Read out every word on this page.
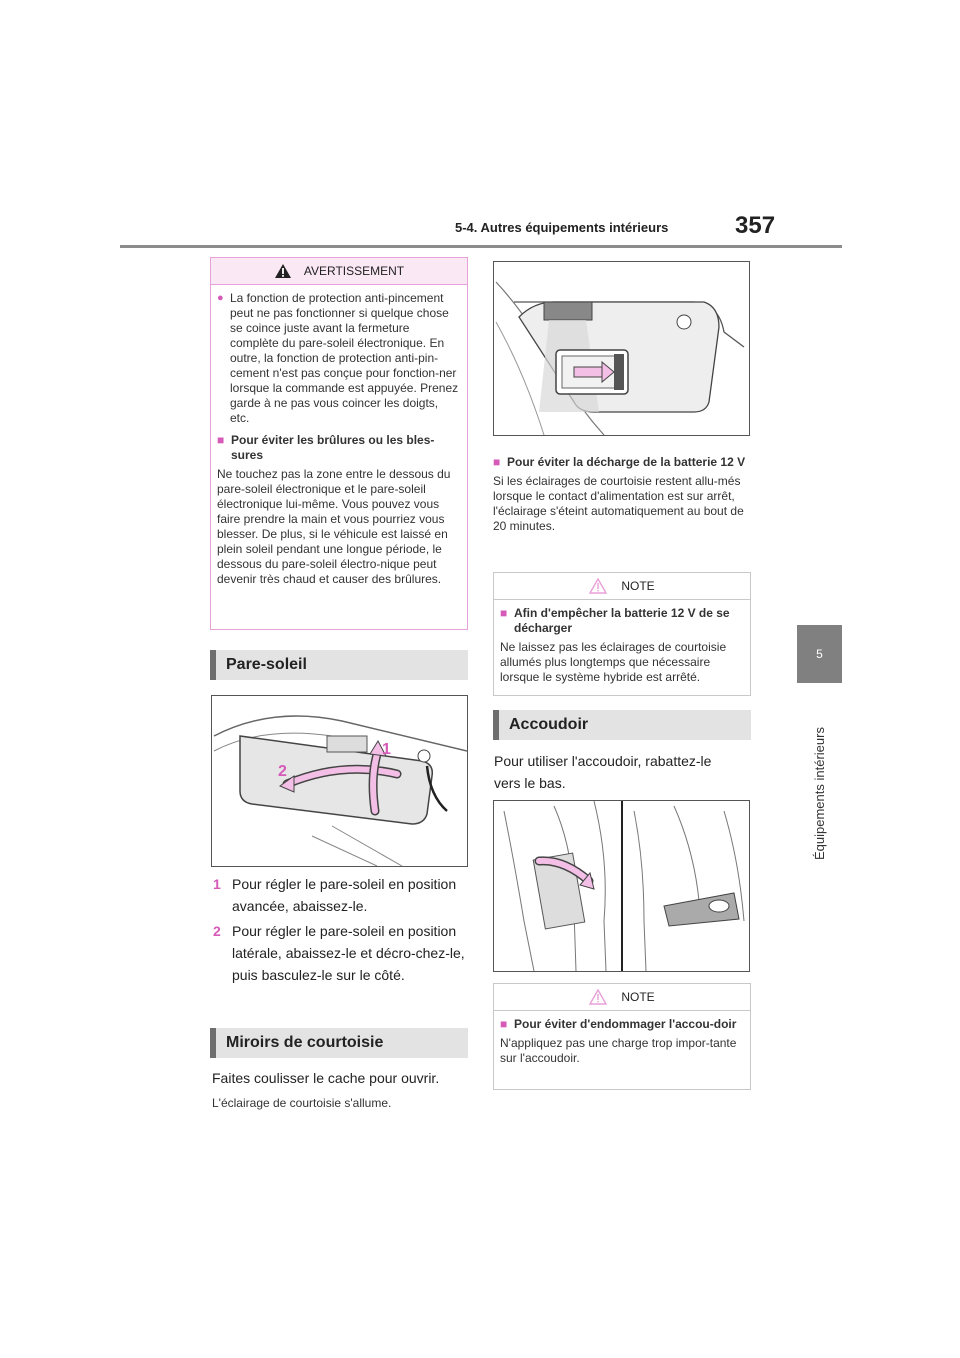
5-4. Autres équipements intérieurs	357
5
Équipements intérieurs
AVERTISSEMENT
● La fonction de protection anti-pincement peut ne pas fonctionner si quelque chose se coince juste avant la fermeture complète du pare-soleil électronique. En outre, la fonction de protection anti-pin-cement n'est pas conçue pour fonction-ner lorsque la commande est appuyée. Prenez garde à ne pas vous coincer les doigts, etc.

■ Pour éviter les brûlures ou les bles-sures

Ne touchez pas la zone entre le dessous du pare-soleil électronique et le pare-soleil électronique lui-même. Vous pouvez vous faire prendre la main et vous pourriez vous blesser. De plus, si le véhicule est laissé en plein soleil pendant une longue période, le dessous du pare-soleil électro-nique peut devenir très chaud et causer des brûlures.

Pare-soleil
1
2
1 Pour régler le pare-soleil en position avancée, abaissez-le.
2 Pour régler le pare-soleil en position latérale, abaissez-le et décro-chez-le, puis basculez-le sur le côté.
Miroirs de courtoisie
Faites coulisser le cache pour ouvrir.
L'éclairage de courtoisie s'allume.
■ Pour éviter la décharge de la batterie 12 V

Si les éclairages de courtoisie restent allu-més lorsque le contact d'alimentation est sur arrêt, l'éclairage s'éteint automatiquement au bout de 20 minutes.

NOTE
■ Afin d'empêcher la batterie 12 V de se décharger

Ne laissez pas les éclairages de courtoisie allumés plus longtemps que nécessaire lorsque le système hybride est arrêté.

Accoudoir
Pour utiliser l'accoudoir, rabattez-le vers le bas.
NOTE
■ Pour éviter d'endommager l'accou-doir

N'appliquez pas une charge trop impor-tante sur l'accoudoir.
